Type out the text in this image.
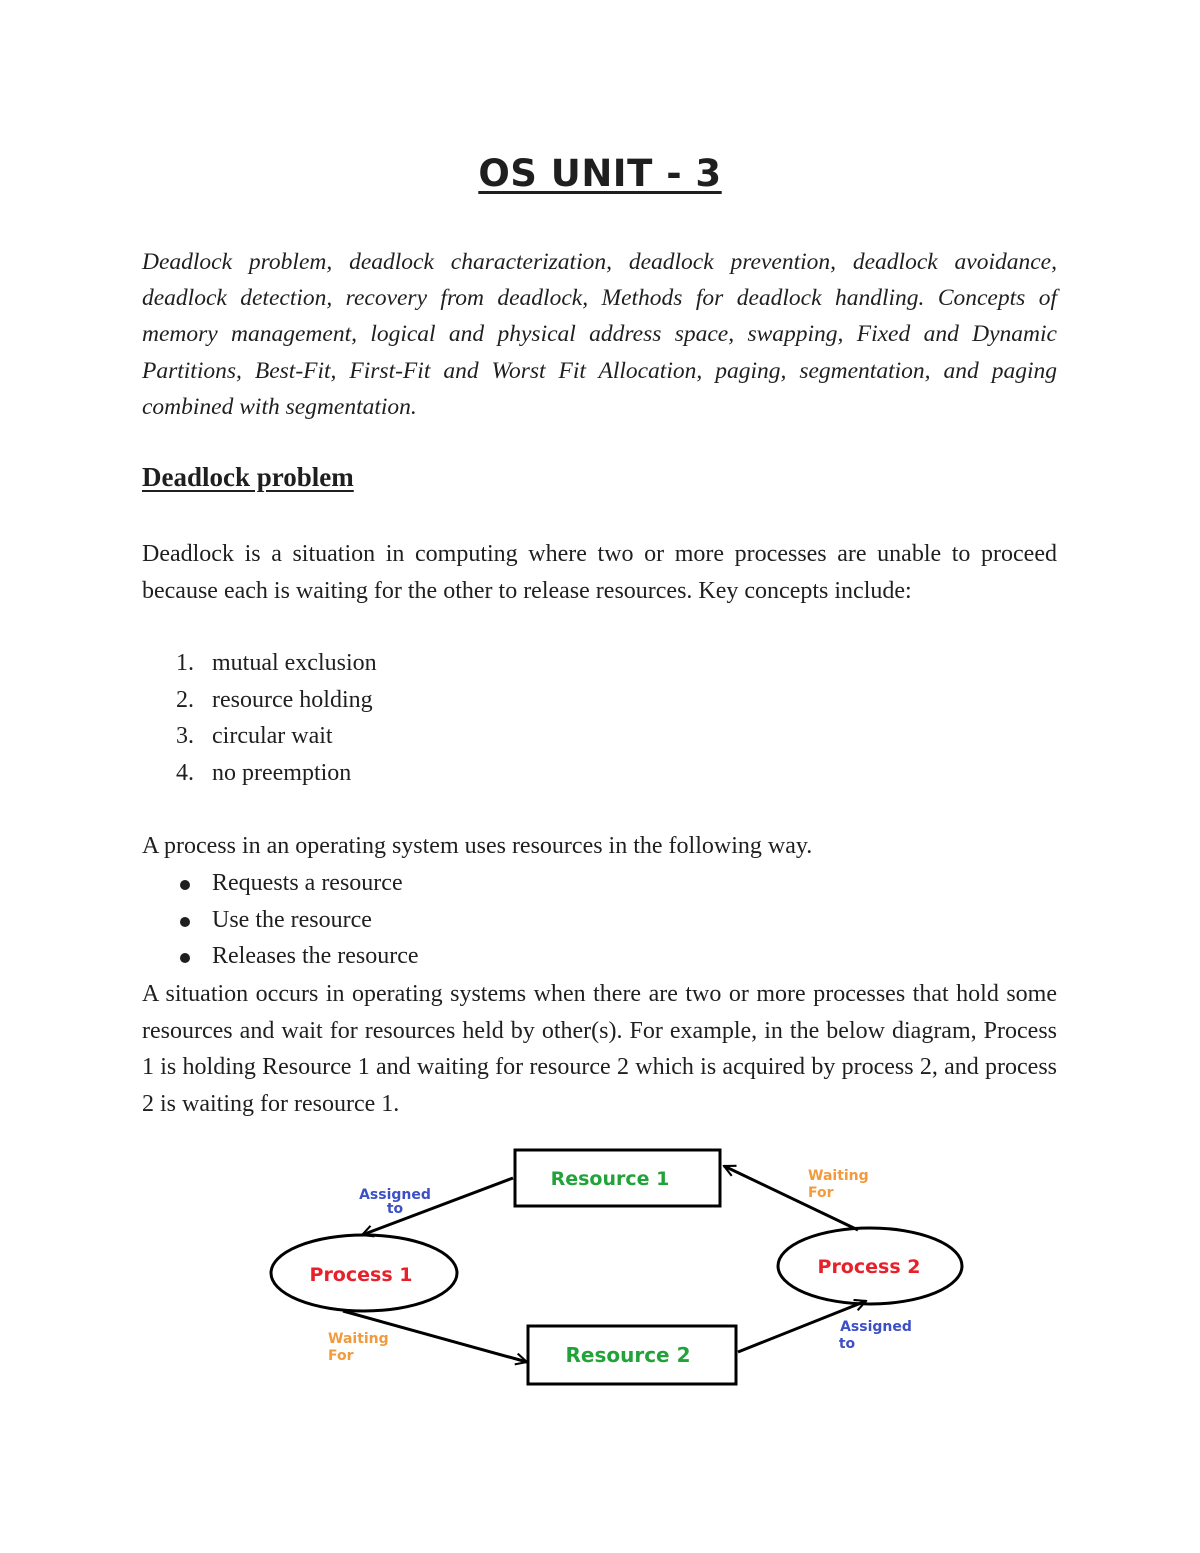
OS UNIT - 3

Deadlock problem, deadlock characterization, deadlock prevention, deadlock avoidance, deadlock detection, recovery from deadlock, Methods for deadlock handling. Concepts of memory management, logical and physical address space, swapping, Fixed and Dynamic Partitions, Best-Fit, First-Fit and Worst Fit Allocation, paging, segmentation, and paging combined with segmentation.

Deadlock problem

Deadlock is a situation in computing where two or more processes are unable to proceed because each is waiting for the other to release resources. Key concepts include:

1. mutual exclusion
2. resource holding
3. circular wait
4. no preemption

A process in an operating system uses resources in the following way.

Requests a resource
Use the resource
Releases the resource

A situation occurs in operating systems when there are two or more processes that hold some resources and wait for resources held by other(s). For example, in the below diagram, Process 1 is holding Resource 1 and waiting for resource 2 which is acquired by process 2, and process 2 is waiting for resource 1.

Resource 1
Resource 2
Process 1	Process 2
Assigned
to
Waiting
For
Waiting
For
Assigned
to
